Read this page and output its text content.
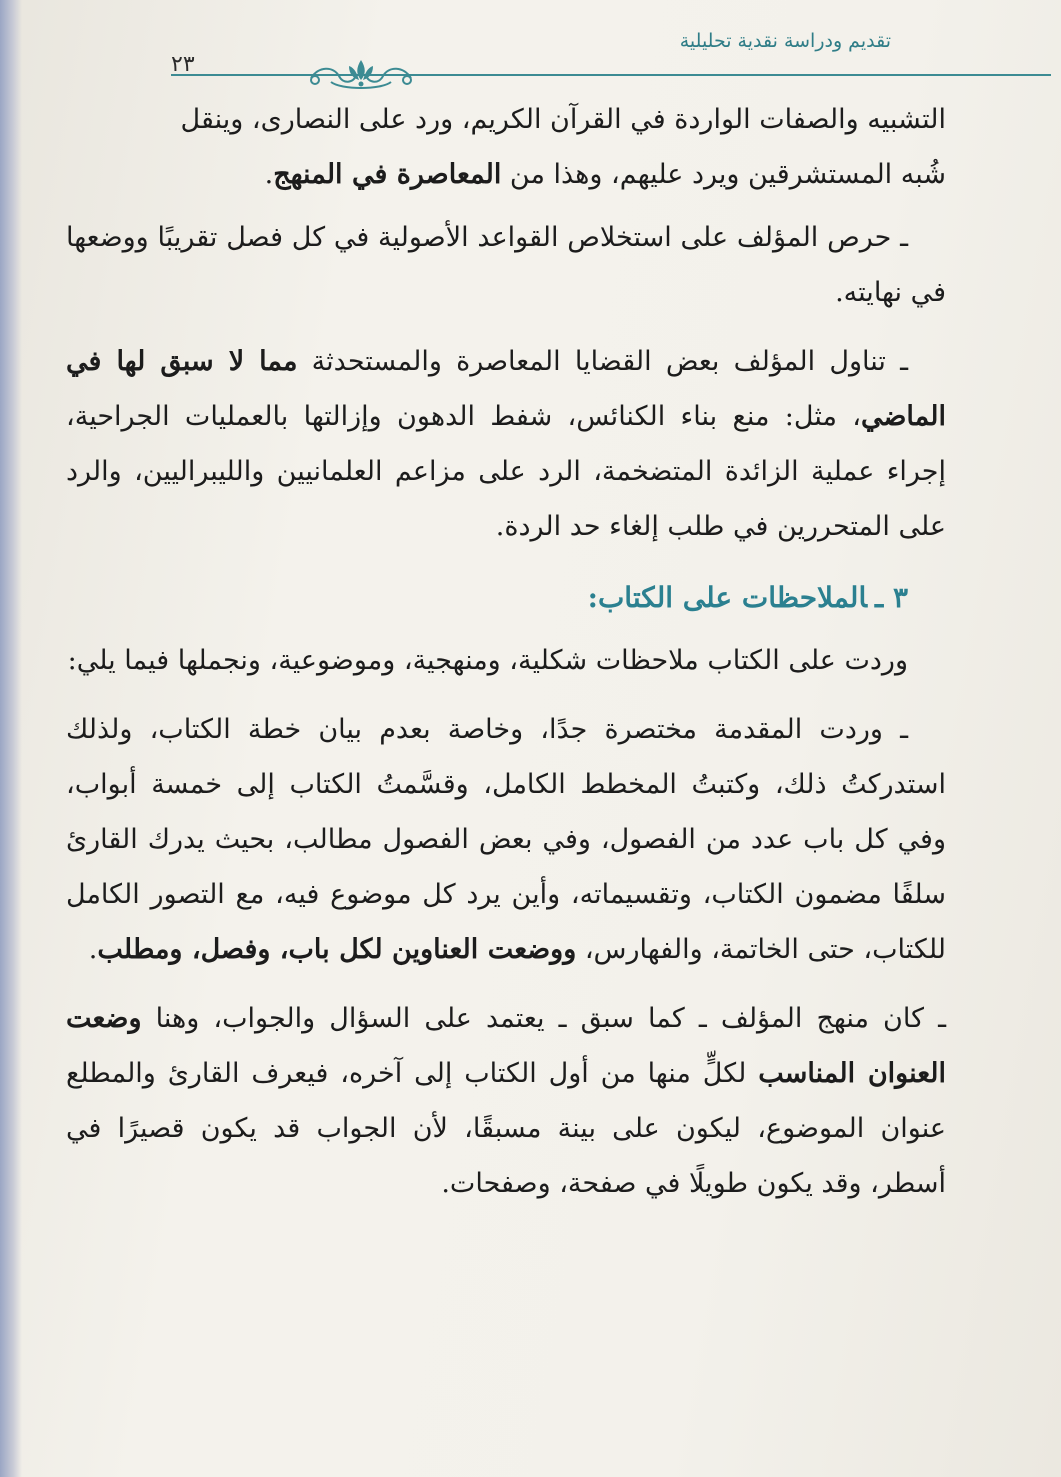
تقديم ودراسة نقدية تحليلية
٢٣

التشبيه والصفات الواردة في القرآن الكريم، ورد على النصارى، وينقل
شُبه المستشرقين ويرد عليهم، وهذا من المعاصرة في المنهج.

ـ حرص المؤلف على استخلاص القواعد الأصولية في كل فصل تقريبًا ووضعها في نهايته.

ـ تناول المؤلف بعض القضايا المعاصرة والمستحدثة مما لا سبق لها في الماضي، مثل: منع بناء الكنائس، شفط الدهون وإزالتها بالعمليات الجراحية، إجراء عملية الزائدة المتضخمة، الرد على مزاعم العلمانيين والليبراليين، والرد على المتحررين في طلب إلغاء حد الردة.

٣ ـالملاحظات على الكتاب:

وردت على الكتاب ملاحظات شكلية، ومنهجية، وموضوعية، ونجملها فيما يلي:

ـ وردت المقدمة مختصرة جدًا، وخاصة بعدم بيان خطة الكتاب، ولذلك استدركتُ ذلك، وكتبتُ المخطط الكامل، وقسَّمتُ الكتاب إلى خمسة أبواب، وفي كل باب عدد من الفصول، وفي بعض الفصول مطالب، بحيث يدرك القارئ سلفًا مضمون الكتاب، وتقسيماته، وأين يرد كل موضوع فيه، مع التصور الكامل للكتاب، حتى الخاتمة، والفهارس، ووضعت العناوين لكل باب، وفصل، ومطلب.

ـ كان منهج المؤلف ـ كما سبق ـ يعتمد على السؤال والجواب، وهنا وضعت العنوان المناسب لكلٍّ منها من أول الكتاب إلى آخره، فيعرف القارئ والمطلع عنوان الموضوع، ليكون على بينة مسبقًا، لأن الجواب قد يكون قصيرًا في أسطر، وقد يكون طويلًا في صفحة، وصفحات.
